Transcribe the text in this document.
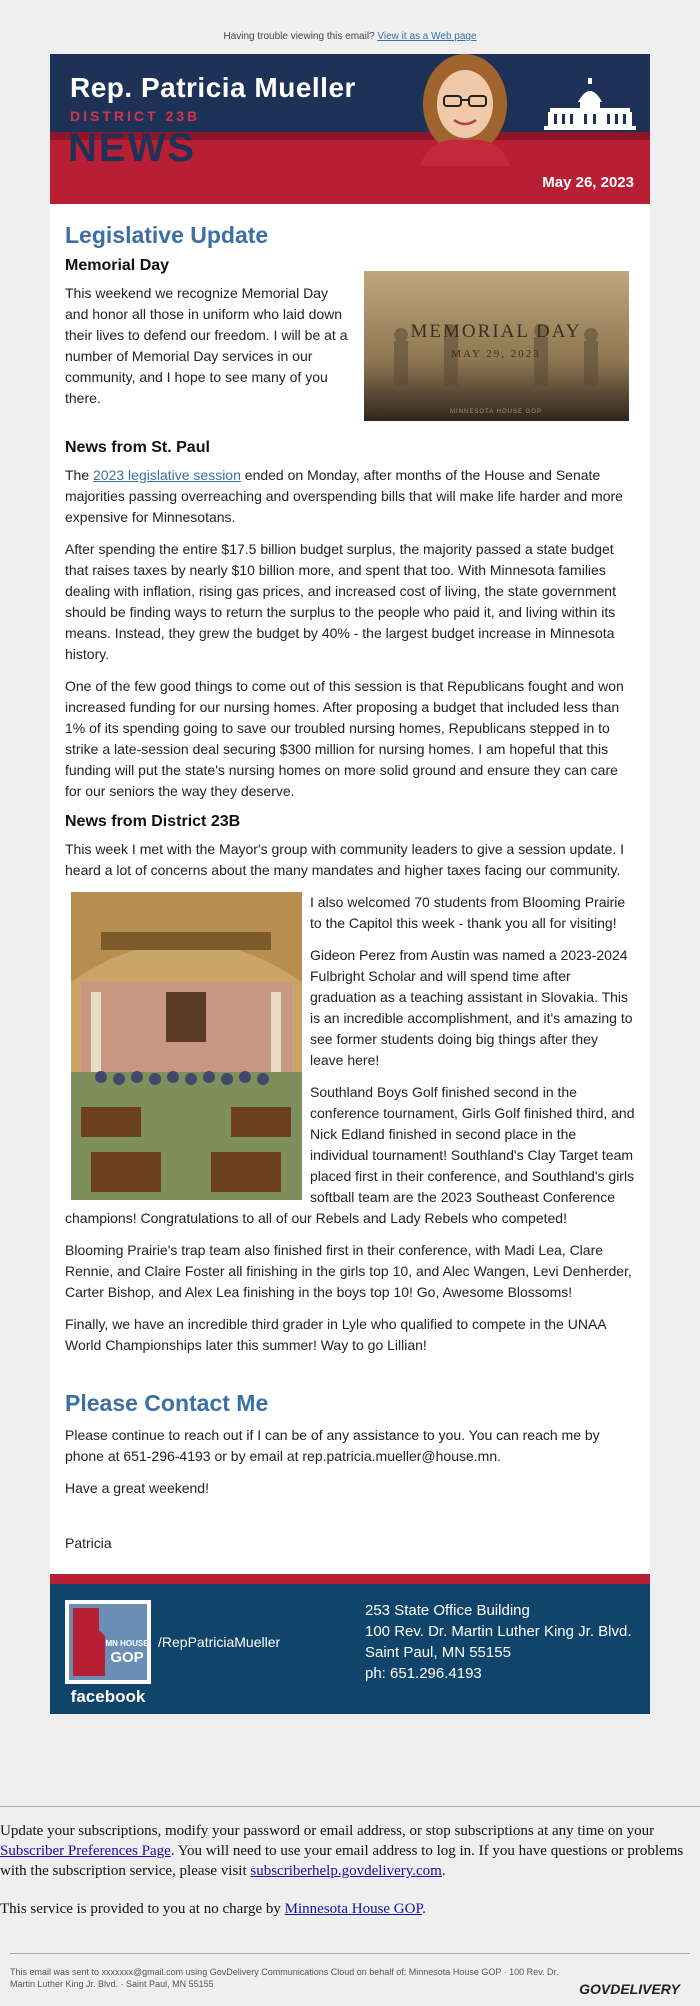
Having trouble viewing this email? View it as a Web page
Rep. Patricia Mueller
DISTRICT 23B
NEWS
May 26, 2023
Legislative Update
Memorial Day
MEMORIAL DAY
MAY 29, 2023
MINNESOTA HOUSE GOP

This weekend we recognize Memorial Day and honor all those in uniform who laid down their lives to defend our freedom. I will be at a number of Memorial Day services in our community, and I hope to see many of you there.

News from St. Paul

The 2023 legislative session ended on Monday, after months of the House and Senate majorities passing overreaching and overspending bills that will make life harder and more expensive for Minnesotans.

After spending the entire $17.5 billion budget surplus, the majority passed a state budget that raises taxes by nearly $10 billion more, and spent that too. With Minnesota families dealing with inflation, rising gas prices, and increased cost of living, the state government should be finding ways to return the surplus to the people who paid it, and living within its means. Instead, they grew the budget by 40% - the largest budget increase in Minnesota history.

One of the few good things to come out of this session is that Republicans fought and won increased funding for our nursing homes. After proposing a budget that included less than 1% of its spending going to save our troubled nursing homes, Republicans stepped in to strike a late-session deal securing $300 million for nursing homes. I am hopeful that this funding will put the state's nursing homes on more solid ground and ensure they can care for our seniors the way they deserve.

News from District 23B

This week I met with the Mayor's group with community leaders to give a session update. I heard a lot of concerns about the many mandates and higher taxes facing our community.

I also welcomed 70 students from Blooming Prairie to the Capitol this week - thank you all for visiting!

Gideon Perez from Austin was named a 2023-2024 Fulbright Scholar and will spend time after graduation as a teaching assistant in Slovakia. This is an incredible accomplishment, and it's amazing to see former students doing big things after they leave here!

Southland Boys Golf finished second in the conference tournament, Girls Golf finished third, and Nick Edland finished in second place in the individual tournament! Southland's Clay Target team placed first in their conference, and Southland's girls softball team are the 2023 Southeast Conference champions! Congratulations to all of our Rebels and Lady Rebels who competed!

Blooming Prairie's trap team also finished first in their conference, with Madi Lea, Clare Rennie, and Claire Foster all finishing in the girls top 10, and Alec Wangen, Levi Denherder, Carter Bishop, and Alex Lea finishing in the boys top 10! Go, Awesome Blossoms!

Finally, we have an incredible third grader in Lyle who qualified to compete in the UNAA World Championships later this summer! Way to go Lillian!

Please Contact Me

Please continue to reach out if I can be of any assistance to you. You can reach me by phone at 651-296-4193 or by email at rep.patricia.mueller@house.mn.

Have a great weekend!

Patricia

MN HOUSE
GOP
facebook
/RepPatriciaMueller
253 State Office Building
100 Rev. Dr. Martin Luther King Jr. Blvd.
Saint Paul, MN 55155
ph: 651.296.4193

Update your subscriptions, modify your password or email address, or stop subscriptions at any time on your Subscriber Preferences Page. You will need to use your email address to log in. If you have questions or problems with the subscription service, please visit subscriberhelp.govdelivery.com.

This service is provided to you at no charge by Minnesota House GOP.

This email was sent to xxxxxxx@gmail.com using GovDelivery Communications Cloud on behalf of: Minnesota House GOP · 100 Rev. Dr. Martin Luther King Jr. Blvd. · Saint Paul, MN 55155	GOVDELIVERY
